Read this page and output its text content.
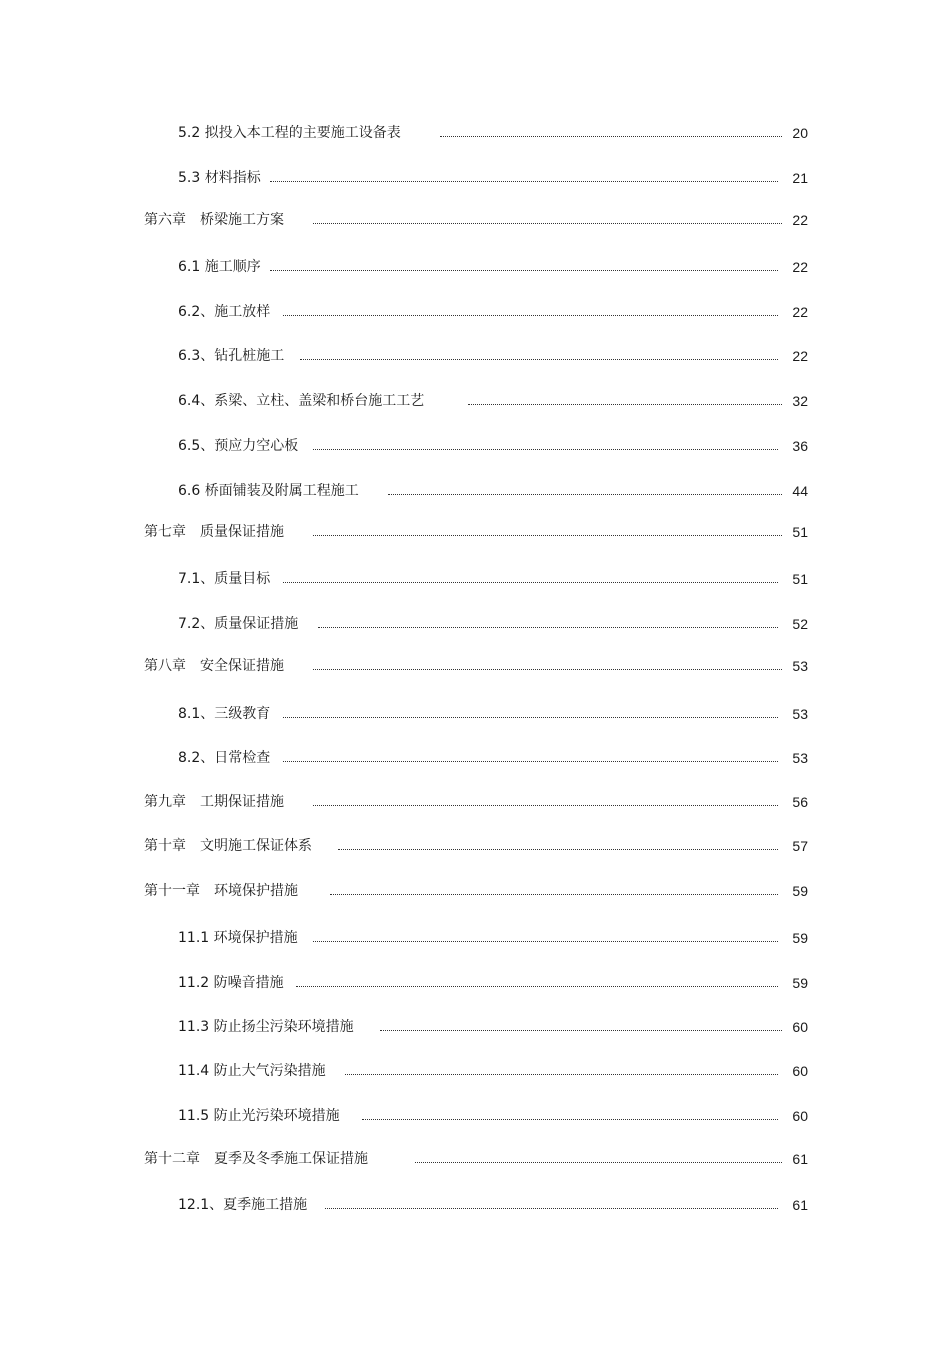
5.2 拟投入本工程的主要施工设备表	20
5.3 材料指标	21
第六章　桥梁施工方案	22
6.1 施工顺序	22
6.2、施工放样	22
6.3、钻孔桩施工	22
6.4、系梁、立柱、盖梁和桥台施工工艺	32
6.5、预应力空心板	36
6.6 桥面铺装及附属工程施工	44
第七章　质量保证措施	51
7.1、质量目标	51
7.2、质量保证措施	52
第八章　安全保证措施	53
8.1、三级教育	53
8.2、日常检查	53
第九章　工期保证措施	56
第十章　文明施工保证体系	57
第十一章　环境保护措施	59
11.1 环境保护措施	59
11.2 防噪音措施	59
11.3 防止扬尘污染环境措施	60
11.4 防止大气污染措施	60
11.5 防止光污染环境措施	60
第十二章　夏季及冬季施工保证措施	61
12.1、夏季施工措施	61
